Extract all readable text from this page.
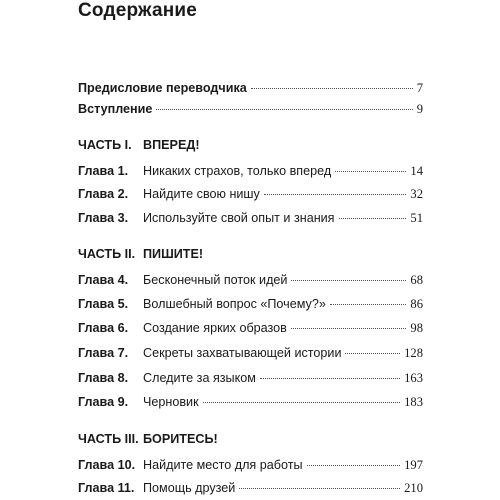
Содержание
Предисловие переводчика	7
Вступление	9
ЧАСТЬ I. ВПЕРЕД!
Глава 1.	Никаких страхов, только вперед	14
Глава 2.	Найдите свою нишу	32
Глава 3.	Используйте свой опыт и знания	51
ЧАСТЬ II. ПИШИТЕ!
Глава 4.	Бесконечный поток идей	68
Глава 5.	Волшебный вопрос «Почему?»	86
Глава 6.	Создание ярких образов	98
Глава 7.	Секреты захватывающей истории	128
Глава 8.	Следите за языком	163
Глава 9.	Черновик	183
ЧАСТЬ III. БОРИТЕСЬ!
Глава 10. Найдите место для работы	197
Глава 11. Помощь друзей	210
